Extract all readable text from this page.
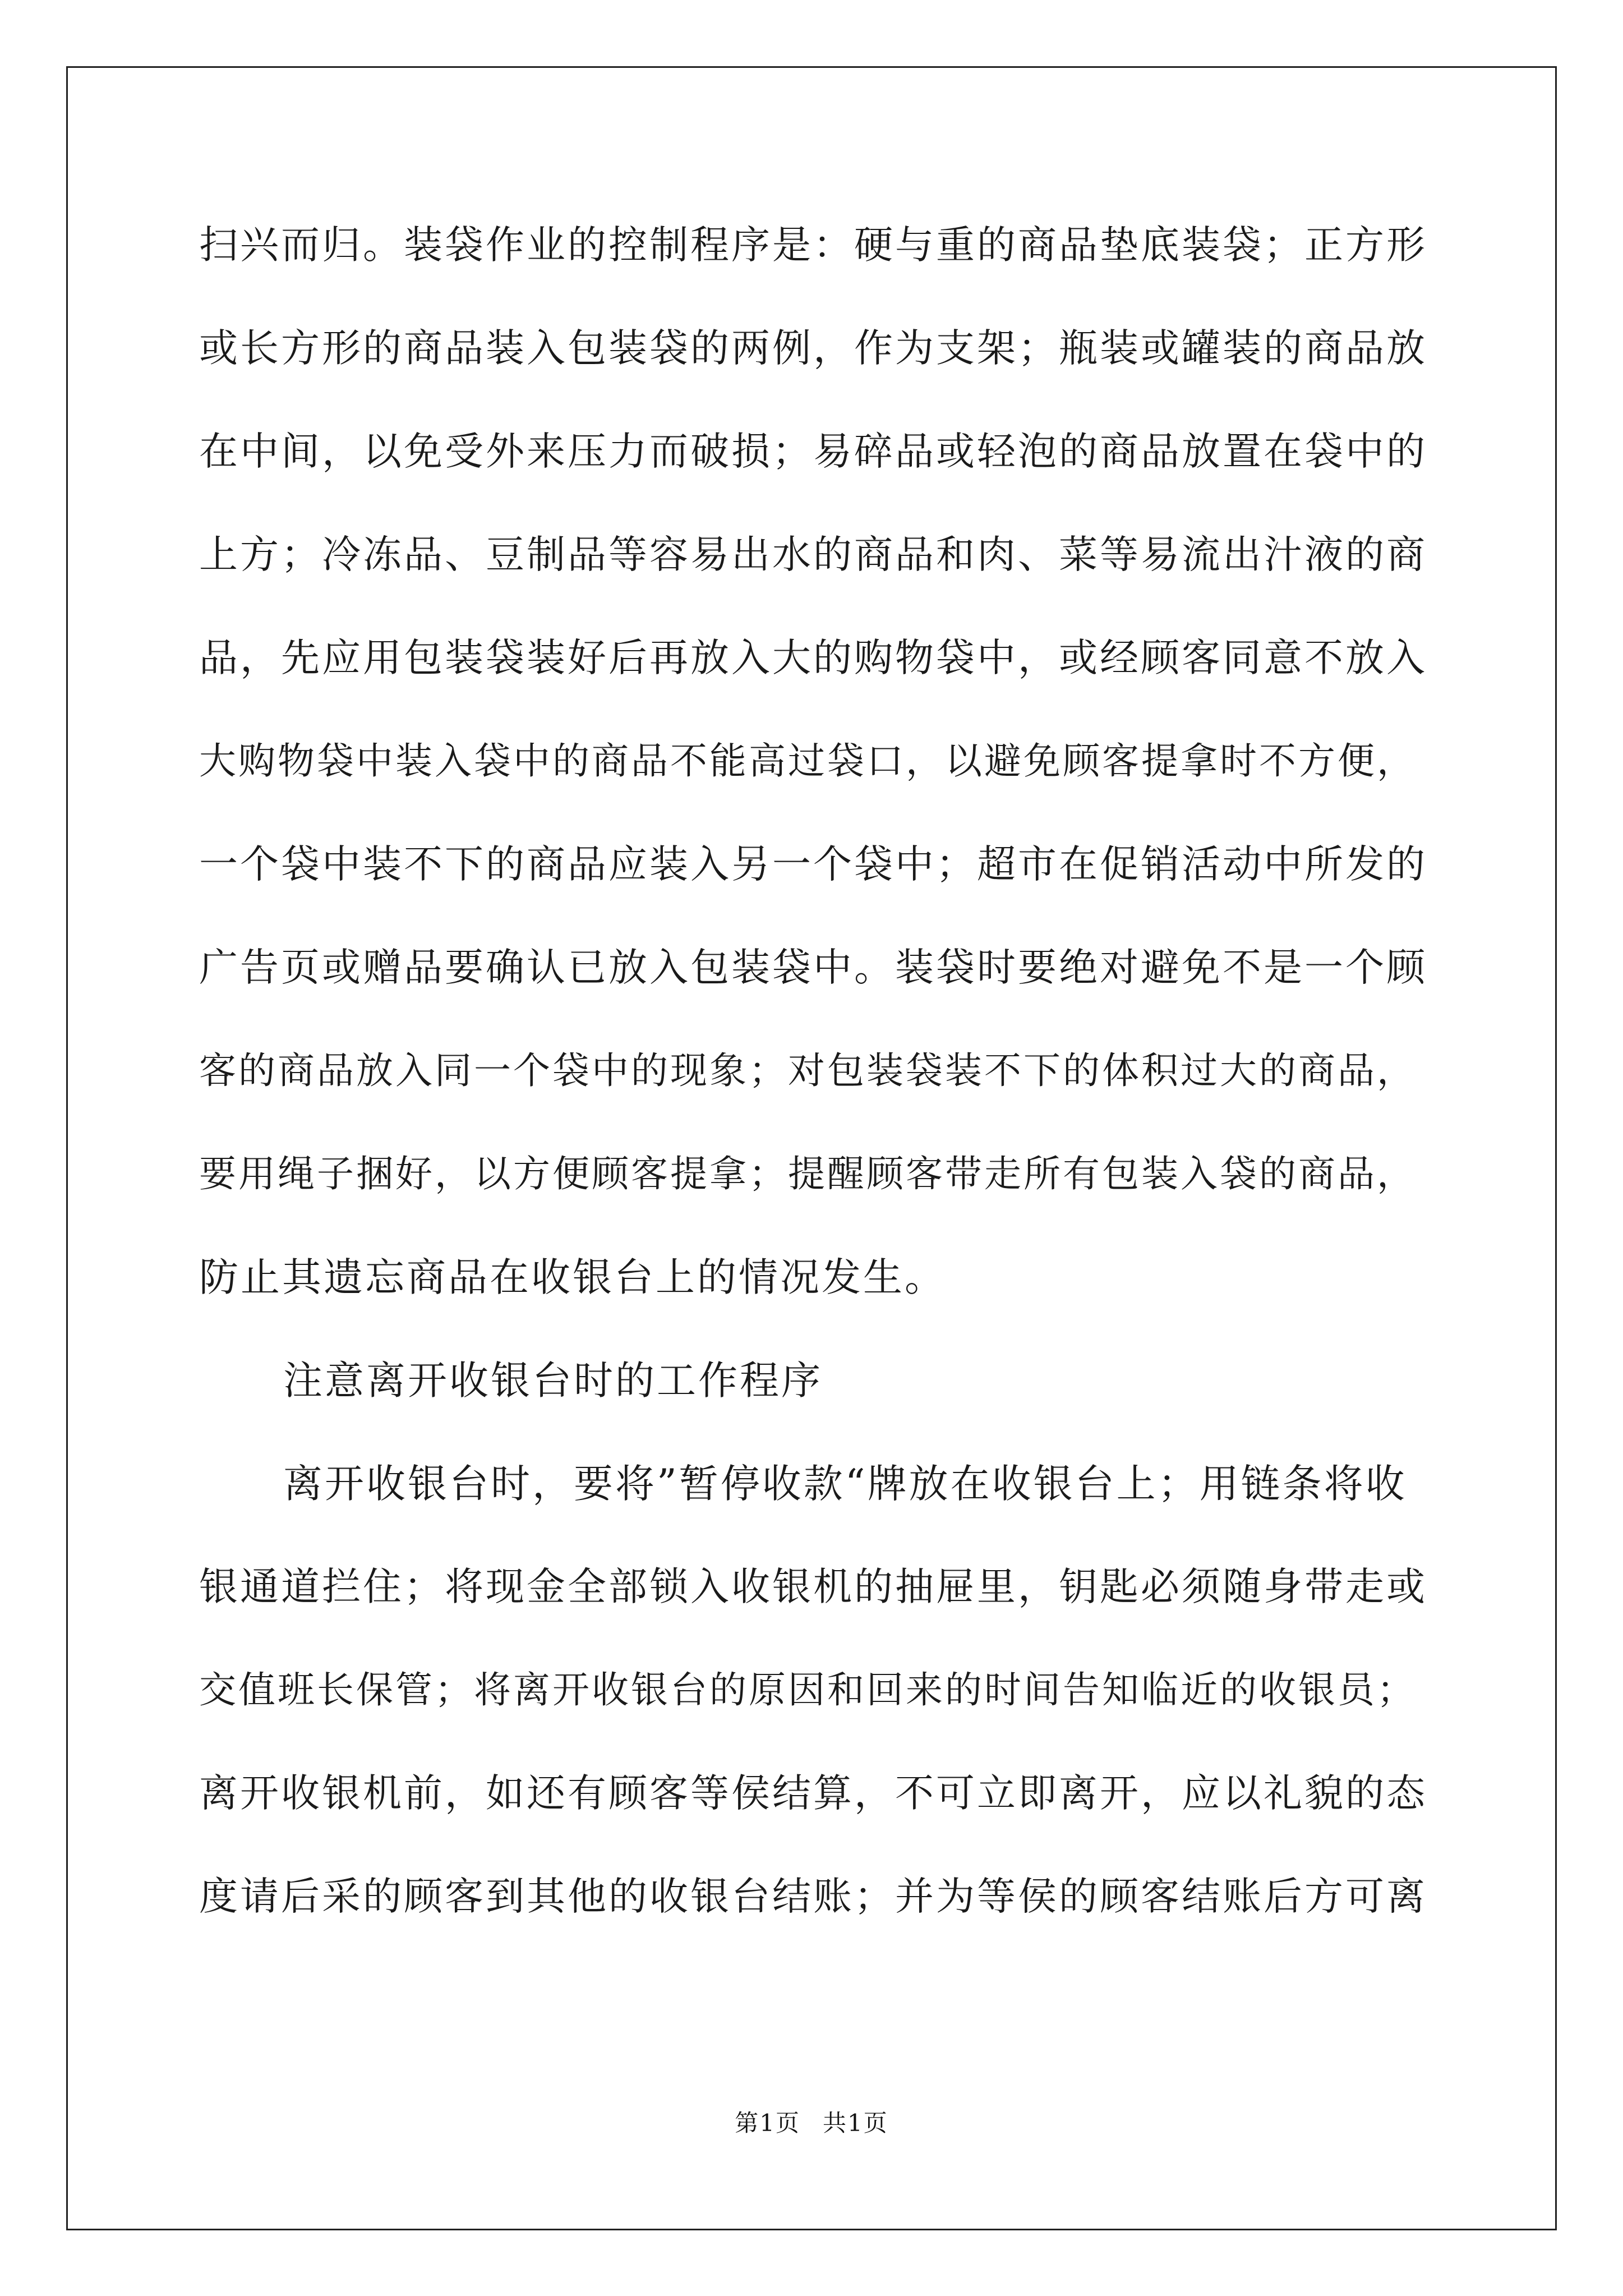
扫兴而归。装袋作业的控制程序是：硬与重的商品垫底装袋；正方形
或长方形的商品装入包装袋的两例，作为支架；瓶装或罐装的商品放
在中间，以免受外来压力而破损；易碎品或轻泡的商品放置在袋中的
上方；冷冻品、豆制品等容易出水的商品和肉、菜等易流出汁液的商
品，先应用包装袋装好后再放入大的购物袋中，或经顾客同意不放入
大购物袋中装入袋中的商品不能高过袋口，以避免顾客提拿时不方便，
一个袋中装不下的商品应装入另一个袋中；超市在促销活动中所发的
广告页或赠品要确认已放入包装袋中。装袋时要绝对避免不是一个顾
客的商品放入同一个袋中的现象；对包装袋装不下的体积过大的商品，
要用绳子捆好，以方便顾客提拿；提醒顾客带走所有包装入袋的商品，
防止其遗忘商品在收银台上的情况发生。
注意离开收银台时的工作程序
离开收银台时，要将”暂停收款“牌放在收银台上；用链条将收
银通道拦住；将现金全部锁入收银机的抽屉里，钥匙必须随身带走或
交值班长保管；将离开收银台的原因和回来的时间告知临近的收银员；
离开收银机前，如还有顾客等侯结算，不可立即离开，应以礼貌的态
度请后采的顾客到其他的收银台结账；并为等侯的顾客结账后方可离
第1页 共1页
